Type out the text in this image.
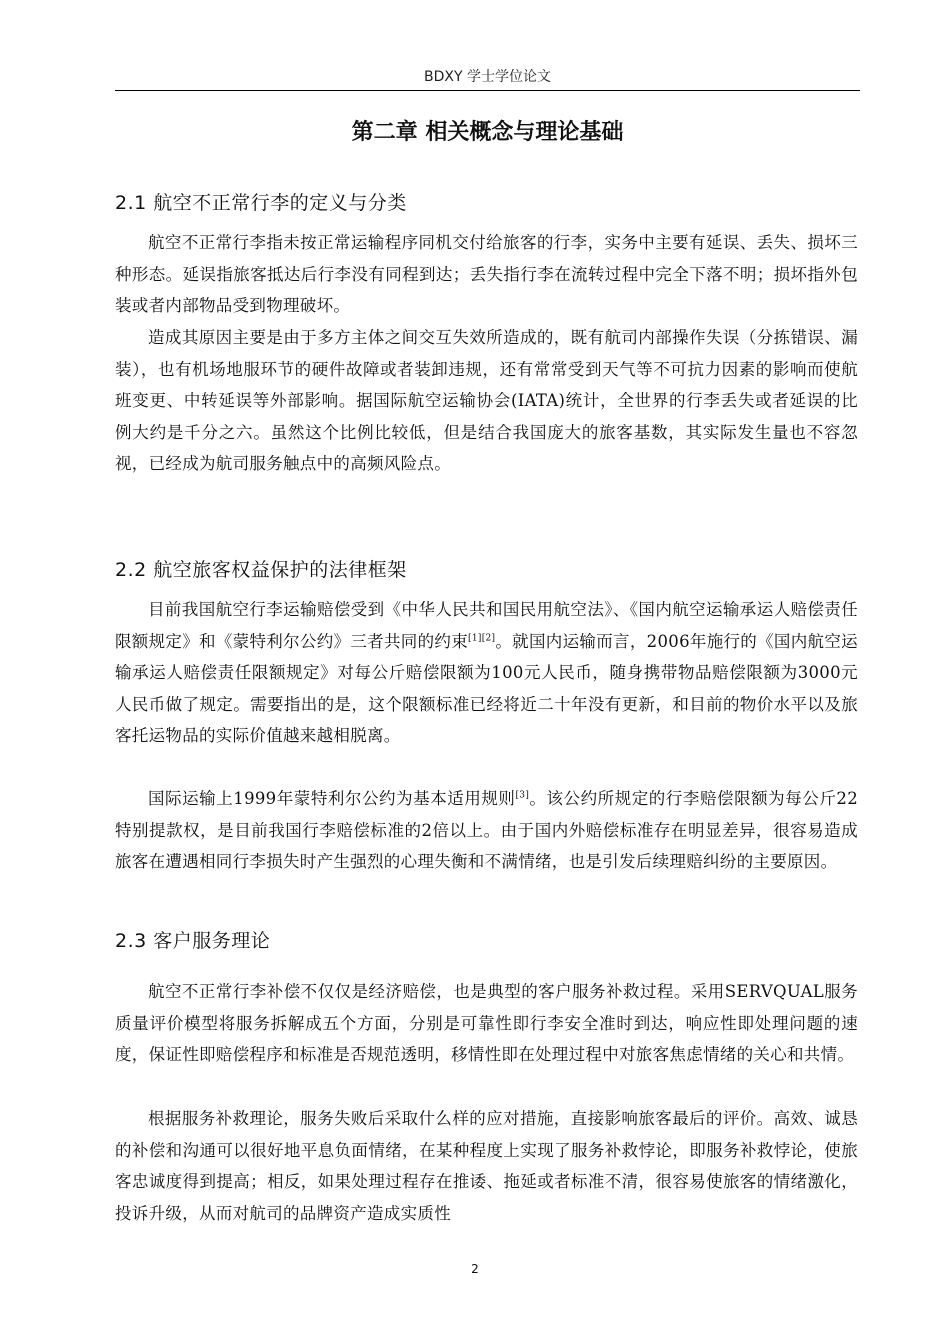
BDXY 学士学位论文
第二章 相关概念与理论基础
2.1 航空不正常行李的定义与分类

航空不正常行李指未按正常运输程序同机交付给旅客的行李，实务中主要有延误、丢失、损坏三种形态。延误指旅客抵达后行李没有同程到达；丢失指行李在流转过程中完全下落不明；损坏指外包装或者内部物品受到物理破坏。

造成其原因主要是由于多方主体之间交互失效所造成的，既有航司内部操作失误（分拣错误、漏装），也有机场地服环节的硬件故障或者装卸违规，还有常常受到天气等不可抗力因素的影响而使航班变更、中转延误等外部影响。据国际航空运输协会(IATA)统计，全世界的行李丢失或者延误的比例大约是千分之六。虽然这个比例比较低，但是结合我国庞大的旅客基数，其实际发生量也不容忽视，已经成为航司服务触点中的高频风险点。

2.2 航空旅客权益保护的法律框架

目前我国航空行李运输赔偿受到《中华人民共和国民用航空法》、《国内航空运输承运人赔偿责任限额规定》和《蒙特利尔公约》三者共同的约束[1][2]。就国内运输而言，2006年施行的《国内航空运输承运人赔偿责任限额规定》对每公斤赔偿限额为100元人民币，随身携带物品赔偿限额为3000元人民币做了规定。需要指出的是，这个限额标准已经将近二十年没有更新，和目前的物价水平以及旅客托运物品的实际价值越来越相脱离。

国际运输上1999年蒙特利尔公约为基本适用规则[3]。该公约所规定的行李赔偿限额为每公斤22特别提款权，是目前我国行李赔偿标准的2倍以上。由于国内外赔偿标准存在明显差异，很容易造成旅客在遭遇相同行李损失时产生强烈的心理失衡和不满情绪，也是引发后续理赔纠纷的主要原因。

2.3 客户服务理论

航空不正常行李补偿不仅仅是经济赔偿，也是典型的客户服务补救过程。采用SERVQUAL服务质量评价模型将服务拆解成五个方面，分别是可靠性即行李安全准时到达，响应性即处理问题的速度，保证性即赔偿程序和标准是否规范透明，移情性即在处理过程中对旅客焦虑情绪的关心和共情。

根据服务补救理论，服务失败后采取什么样的应对措施，直接影响旅客最后的评价。高效、诚恳的补偿和沟通可以很好地平息负面情绪，在某种程度上实现了服务补救悖论，即服务补救悖论，使旅客忠诚度得到提高；相反，如果处理过程存在推诿、拖延或者标准不清，很容易使旅客的情绪激化，投诉升级，从而对航司的品牌资产造成实质性

2
